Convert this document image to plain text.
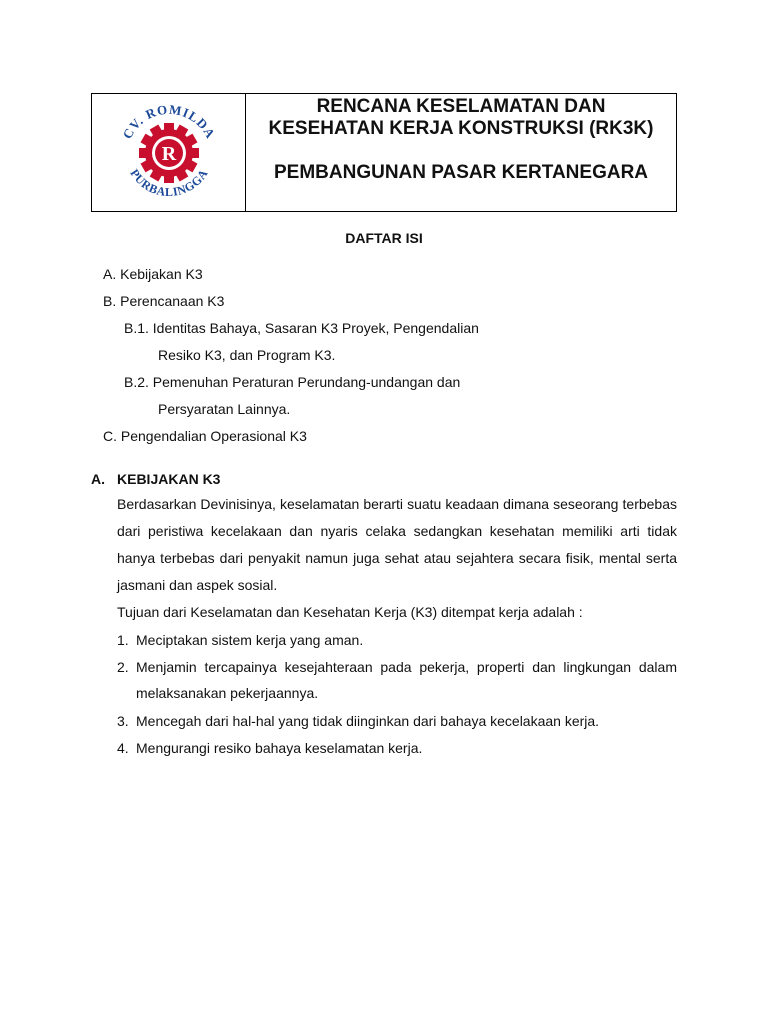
R
CV. ROMILDA
PURBALINGGA
RENCANA KESELAMATAN DAN
KESEHATAN KERJA KONSTRUKSI (RK3K)
PEMBANGUNAN PASAR KERTANEGARA
DAFTAR ISI
A. Kebijakan K3
B. Perencanaan K3
B.1. Identitas Bahaya, Sasaran K3 Proyek, Pengendalian
Resiko K3, dan Program K3.
B.2. Pemenuhan Peraturan Perundang-undangan dan
Persyaratan Lainnya.
C. Pengendalian Operasional K3
A. KEBIJAKAN K3
Berdasarkan Devinisinya, keselamatan berarti suatu keadaan dimana seseorang terbebas dari peristiwa kecelakaan dan nyaris celaka sedangkan kesehatan memiliki arti tidak hanya terbebas dari penyakit namun juga sehat atau sejahtera secara fisik, mental serta jasmani dan aspek sosial.
Tujuan dari Keselamatan dan Kesehatan Kerja (K3) ditempat kerja adalah :
1. Meciptakan sistem kerja yang aman.
2. Menjamin tercapainya kesejahteraan pada pekerja, properti dan lingkungan dalam melaksanakan pekerjaannya.
3. Mencegah dari hal-hal yang tidak diinginkan dari bahaya kecelakaan kerja.
4. Mengurangi resiko bahaya keselamatan kerja.
